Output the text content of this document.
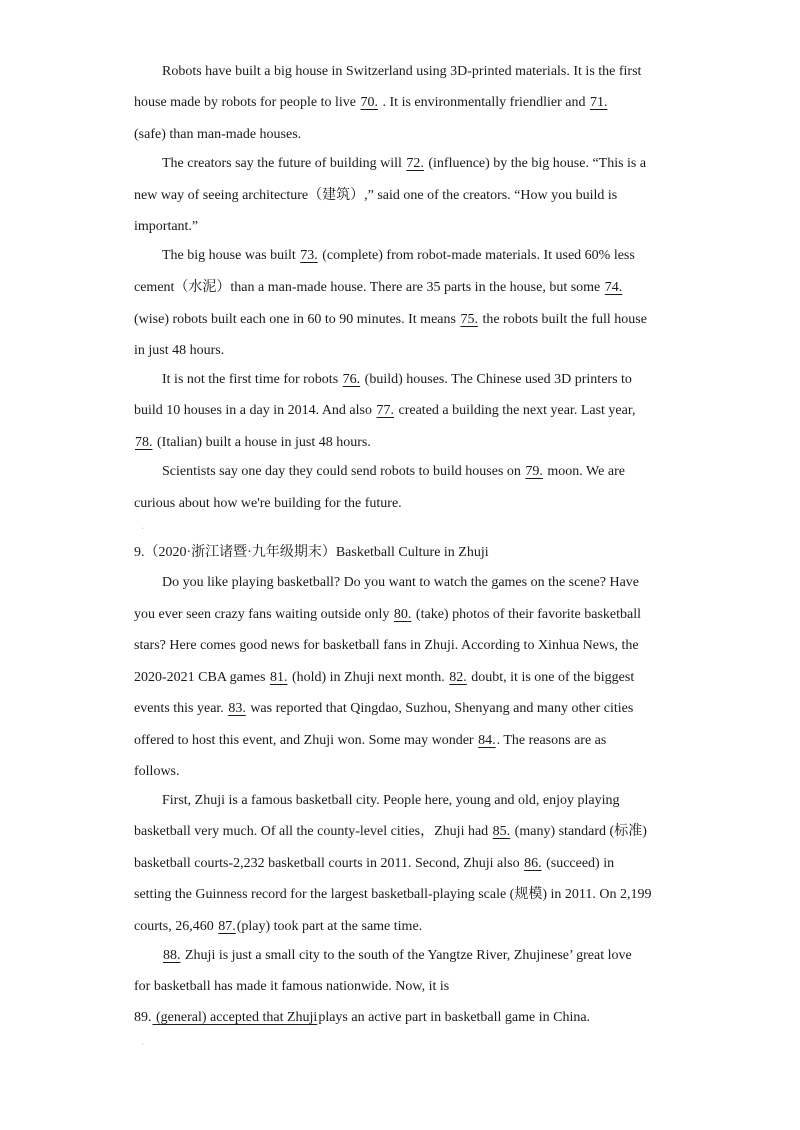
Robots have built a big house in Switzerland using 3D-printed materials. It is the first
house made by robots for people to live 70. . It is environmentally friendlier and 71.
(safe) than man-made houses.
The creators say the future of building will 72. (influence) by the big house. “This is a
new way of seeing architecture（建筑）,” said one of the creators. “How you build is
important.”
The big house was built 73. (complete) from robot-made materials. It used 60% less
cement（水泥）than a man-made house. There are 35 parts in the house, but some 74.
(wise) robots built each one in 60 to 90 minutes. It means 75. the robots built the full house
in just 48 hours.
It is not the first time for robots 76. (build) houses. The Chinese used 3D printers to
build 10 houses in a day in 2014. And also 77. created a building the next year. Last year,
78. (Italian) built a house in just 48 hours.
Scientists say one day they could send robots to build houses on 79. moon. We are
curious about how we're building for the future.
9.（2020·浙江诸暨·九年级期末）Basketball Culture in Zhuji
Do you like playing basketball? Do you want to watch the games on the scene? Have
you ever seen crazy fans waiting outside only 80. (take) photos of their favorite basketball
stars? Here comes good news for basketball fans in Zhuji. According to Xinhua News, the
2020-2021 CBA games 81. (hold) in Zhuji next month. 82. doubt, it is one of the biggest
events this year. 83. was reported that Qingdao, Suzhou, Shenyang and many other cities
offered to host this event, and Zhuji won. Some may wonder 84.. The reasons are as
follows.
First, Zhuji is a famous basketball city. People here, young and old, enjoy playing
basketball very much. Of all the county-level cities，Zhuji had 85. (many) standard (标准)
basketball courts-2,232 basketball courts in 2011. Second, Zhuji also 86. (succeed) in
setting the Guinness record for the largest basketball-playing scale (规模) in 2011. On 2,199
courts, 26,460 87.(play) took part at the same time.
88. Zhuji is just a small city to the south of the Yangtze River, Zhujinese’ great love
for basketball has made it famous nationwide. Now, it is
89. (general) accepted that Zhujiplays an active part in basketball game in China.
ˌ
ˌ
